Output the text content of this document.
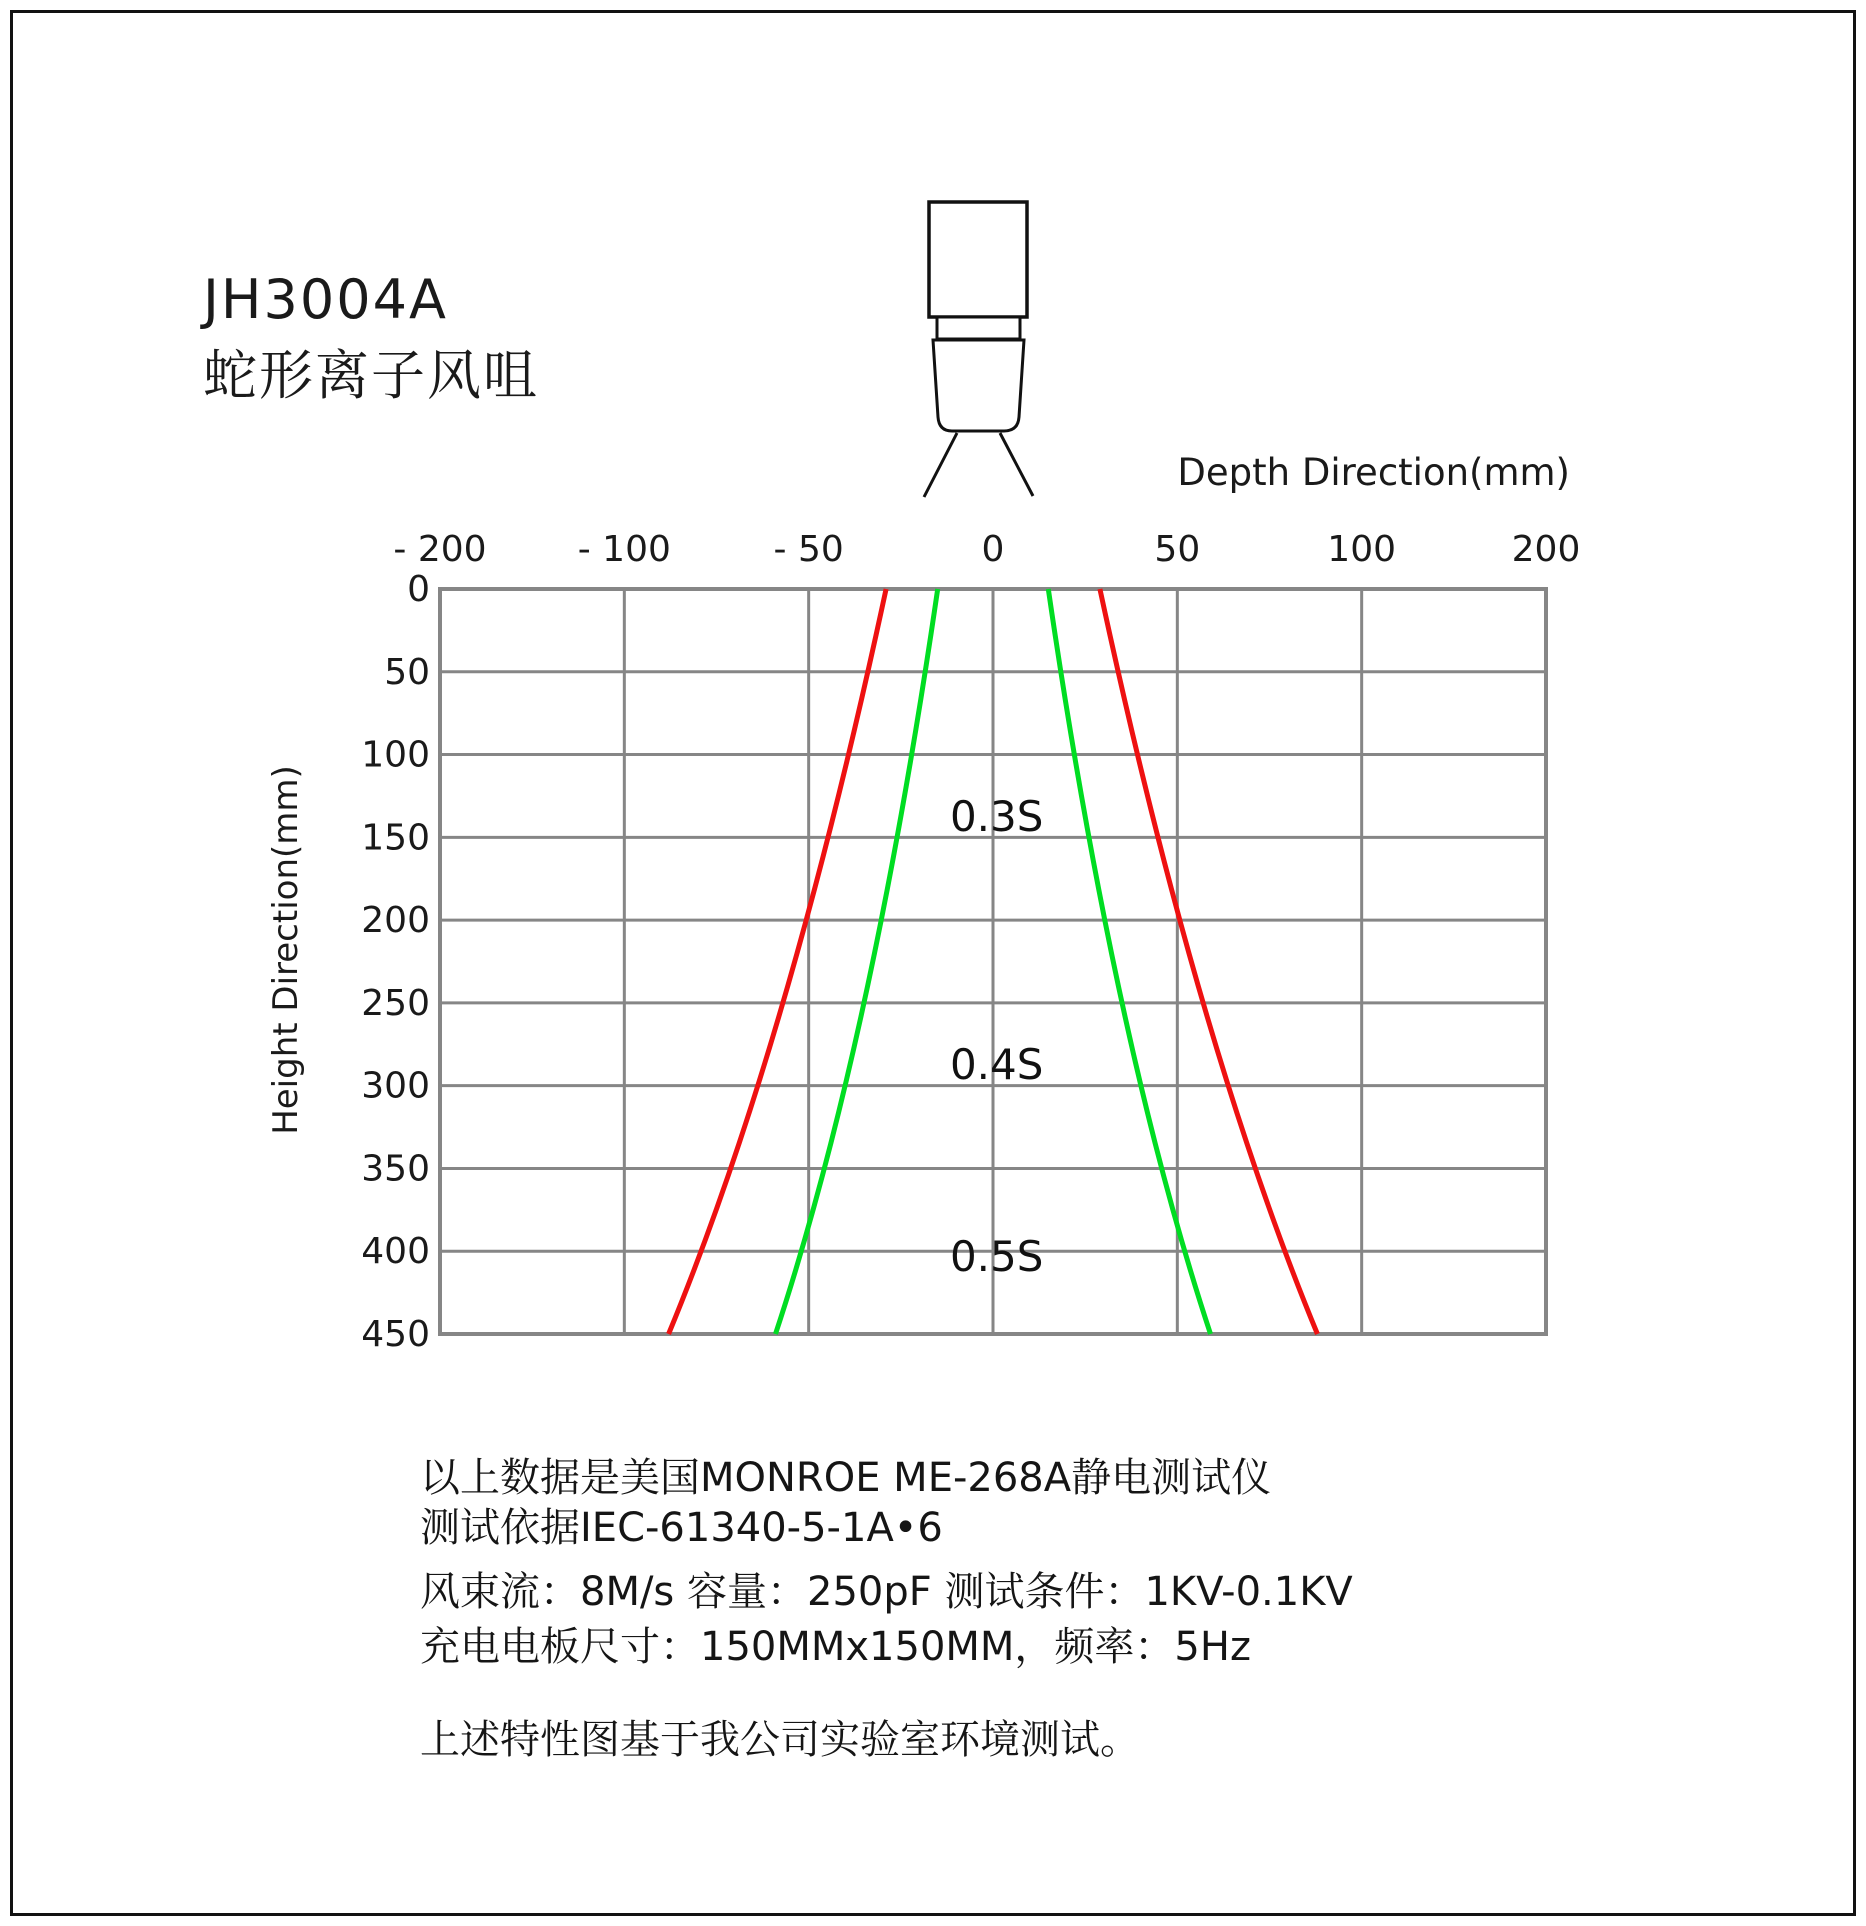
JH3004A
蛇形离子风咀
Depth Direction(mm)
Height Direction(mm)
- 200	- 100	- 50	0	50	100	200
0
50
100
150
200
250
300
350
400
450
0.3S
0.4S
0.5S
以上数据是美国MONROE ME-268A静电测试仪
测试依据IEC-61340-5-1A•6
风束流：8M/s 容量：250pF 测试条件：1KV-0.1KV
充电电板尺寸：150MMx150MM，频率：5Hz
上述特性图基于我公司实验室环境测试。
